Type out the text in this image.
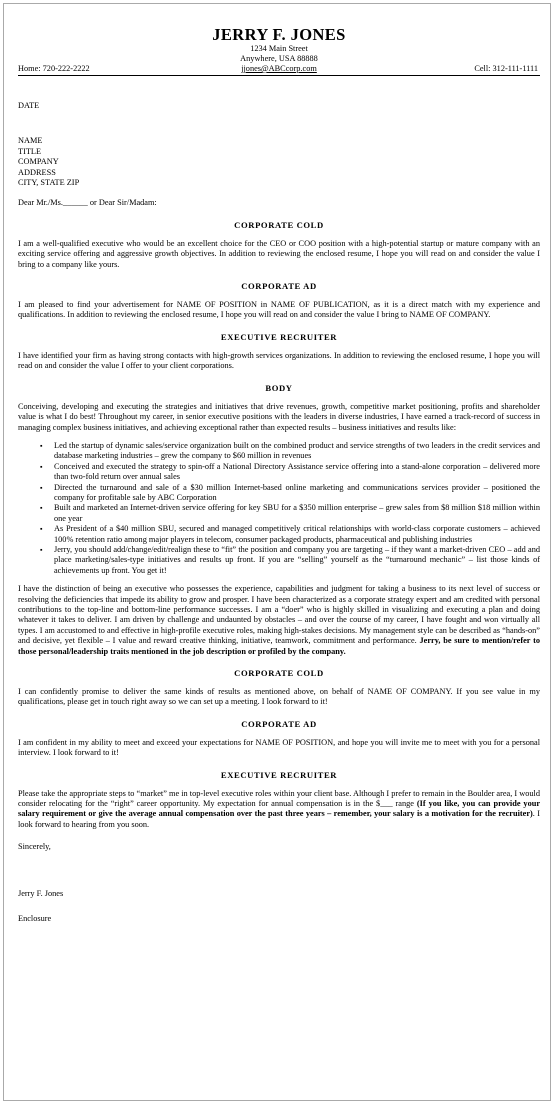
JERRY F. JONES
1234 Main Street
Anywhere, USA 88888
Home: 720-222-2222	jjones@ABCcorp.com	Cell: 312-111-1111

DATE

NAME

TITLE

COMPANY

ADDRESS

CITY, STATE ZIP

Dear Mr./Ms.______ or Dear Sir/Madam:

CORPORATE COLD

I am a well-qualified executive who would be an excellent choice for the CEO or COO position with a high-potential startup or mature company with an exciting service offering and aggressive growth objectives. In addition to reviewing the enclosed resume, I hope you will read on and consider the value I bring to a company like yours.

CORPORATE AD

I am pleased to find your advertisement for NAME OF POSITION in NAME OF PUBLICATION, as it is a direct match with my experience and qualifications. In addition to reviewing the enclosed resume, I hope you will read on and consider the value I bring to NAME OF COMPANY.

EXECUTIVE RECRUITER

I have identified your firm as having strong contacts with high-growth services organizations. In addition to reviewing the enclosed resume, I hope you will read on and consider the value I offer to your client corporations.

BODY

Conceiving, developing and executing the strategies and initiatives that drive revenues, growth, competitive market positioning, profits and shareholder value is what I do best! Throughout my career, in senior executive positions with the leaders in diverse industries, I have earned a track-record of success in managing complex business initiatives, and achieving exceptional rather than expected results – business initiatives and results like:

▪ Led the startup of dynamic sales/service organization built on the combined product and service strengths of two leaders in the credit services and database marketing industries – grew the company to $60 million in revenues
▪ Conceived and executed the strategy to spin-off a National Directory Assistance service offering into a stand-alone corporation – delivered more than two-fold return over annual sales
▪ Directed the turnaround and sale of a $30 million Internet-based online marketing and communications services provider – positioned the company for profitable sale by ABC Corporation
▪ Built and marketed an Internet-driven service offering for key SBU for a $350 million enterprise – grew sales from $8 million $18 million within one year
▪ As President of a $40 million SBU, secured and managed competitively critical relationships with world-class corporate customers – achieved 100% retention ratio among major players in telecom, consumer packaged products, pharmaceutical and publishing industries
▪ Jerry, you should add/change/edit/realign these to “fit” the position and company you are targeting – if they want a market-driven CEO – add and place marketing/sales-type initiatives and results up front. If you are “selling” yourself as the “turnaround mechanic” – list those kinds of achievements up front. You get it!

I have the distinction of being an executive who possesses the experience, capabilities and judgment for taking a business to its next level of success or resolving the deficiencies that impede its ability to grow and prosper. I have been characterized as a corporate strategy expert and am credited with personal contributions to the top-line and bottom-line performance successes. I am a “doer” who is highly skilled in visualizing and executing a plan and doing whatever it takes to deliver. I am driven by challenge and undaunted by obstacles – and over the course of my career, I have fought and won virtually all types. I am accustomed to and effective in high-profile executive roles, making high-stakes decisions. My management style can be described as “hands-on” and decisive, yet flexible – I value and reward creative thinking, initiative, teamwork, commitment and performance. Jerry, be sure to mention/refer to those personal/leadership traits mentioned in the job description or profiled by the company.

CORPORATE COLD

I can confidently promise to deliver the same kinds of results as mentioned above, on behalf of NAME OF COMPANY. If you see value in my qualifications, please get in touch right away so we can set up a meeting. I look forward to it!

CORPORATE AD

I am confident in my ability to meet and exceed your expectations for NAME OF POSITION, and hope you will invite me to meet with you for a personal interview. I look forward to it!

EXECUTIVE RECRUITER

Please take the appropriate steps to “market” me in top-level executive roles within your client base. Although I prefer to remain in the Boulder area, I would consider relocating for the “right” career opportunity. My expectation for annual compensation is in the $___ range (If you like, you can provide your salary requirement or give the average annual compensation over the past three years – remember, your salary is a motivation for the recruiter). I look forward to hearing from you soon.

Sincerely,

Jerry F. Jones

Enclosure
